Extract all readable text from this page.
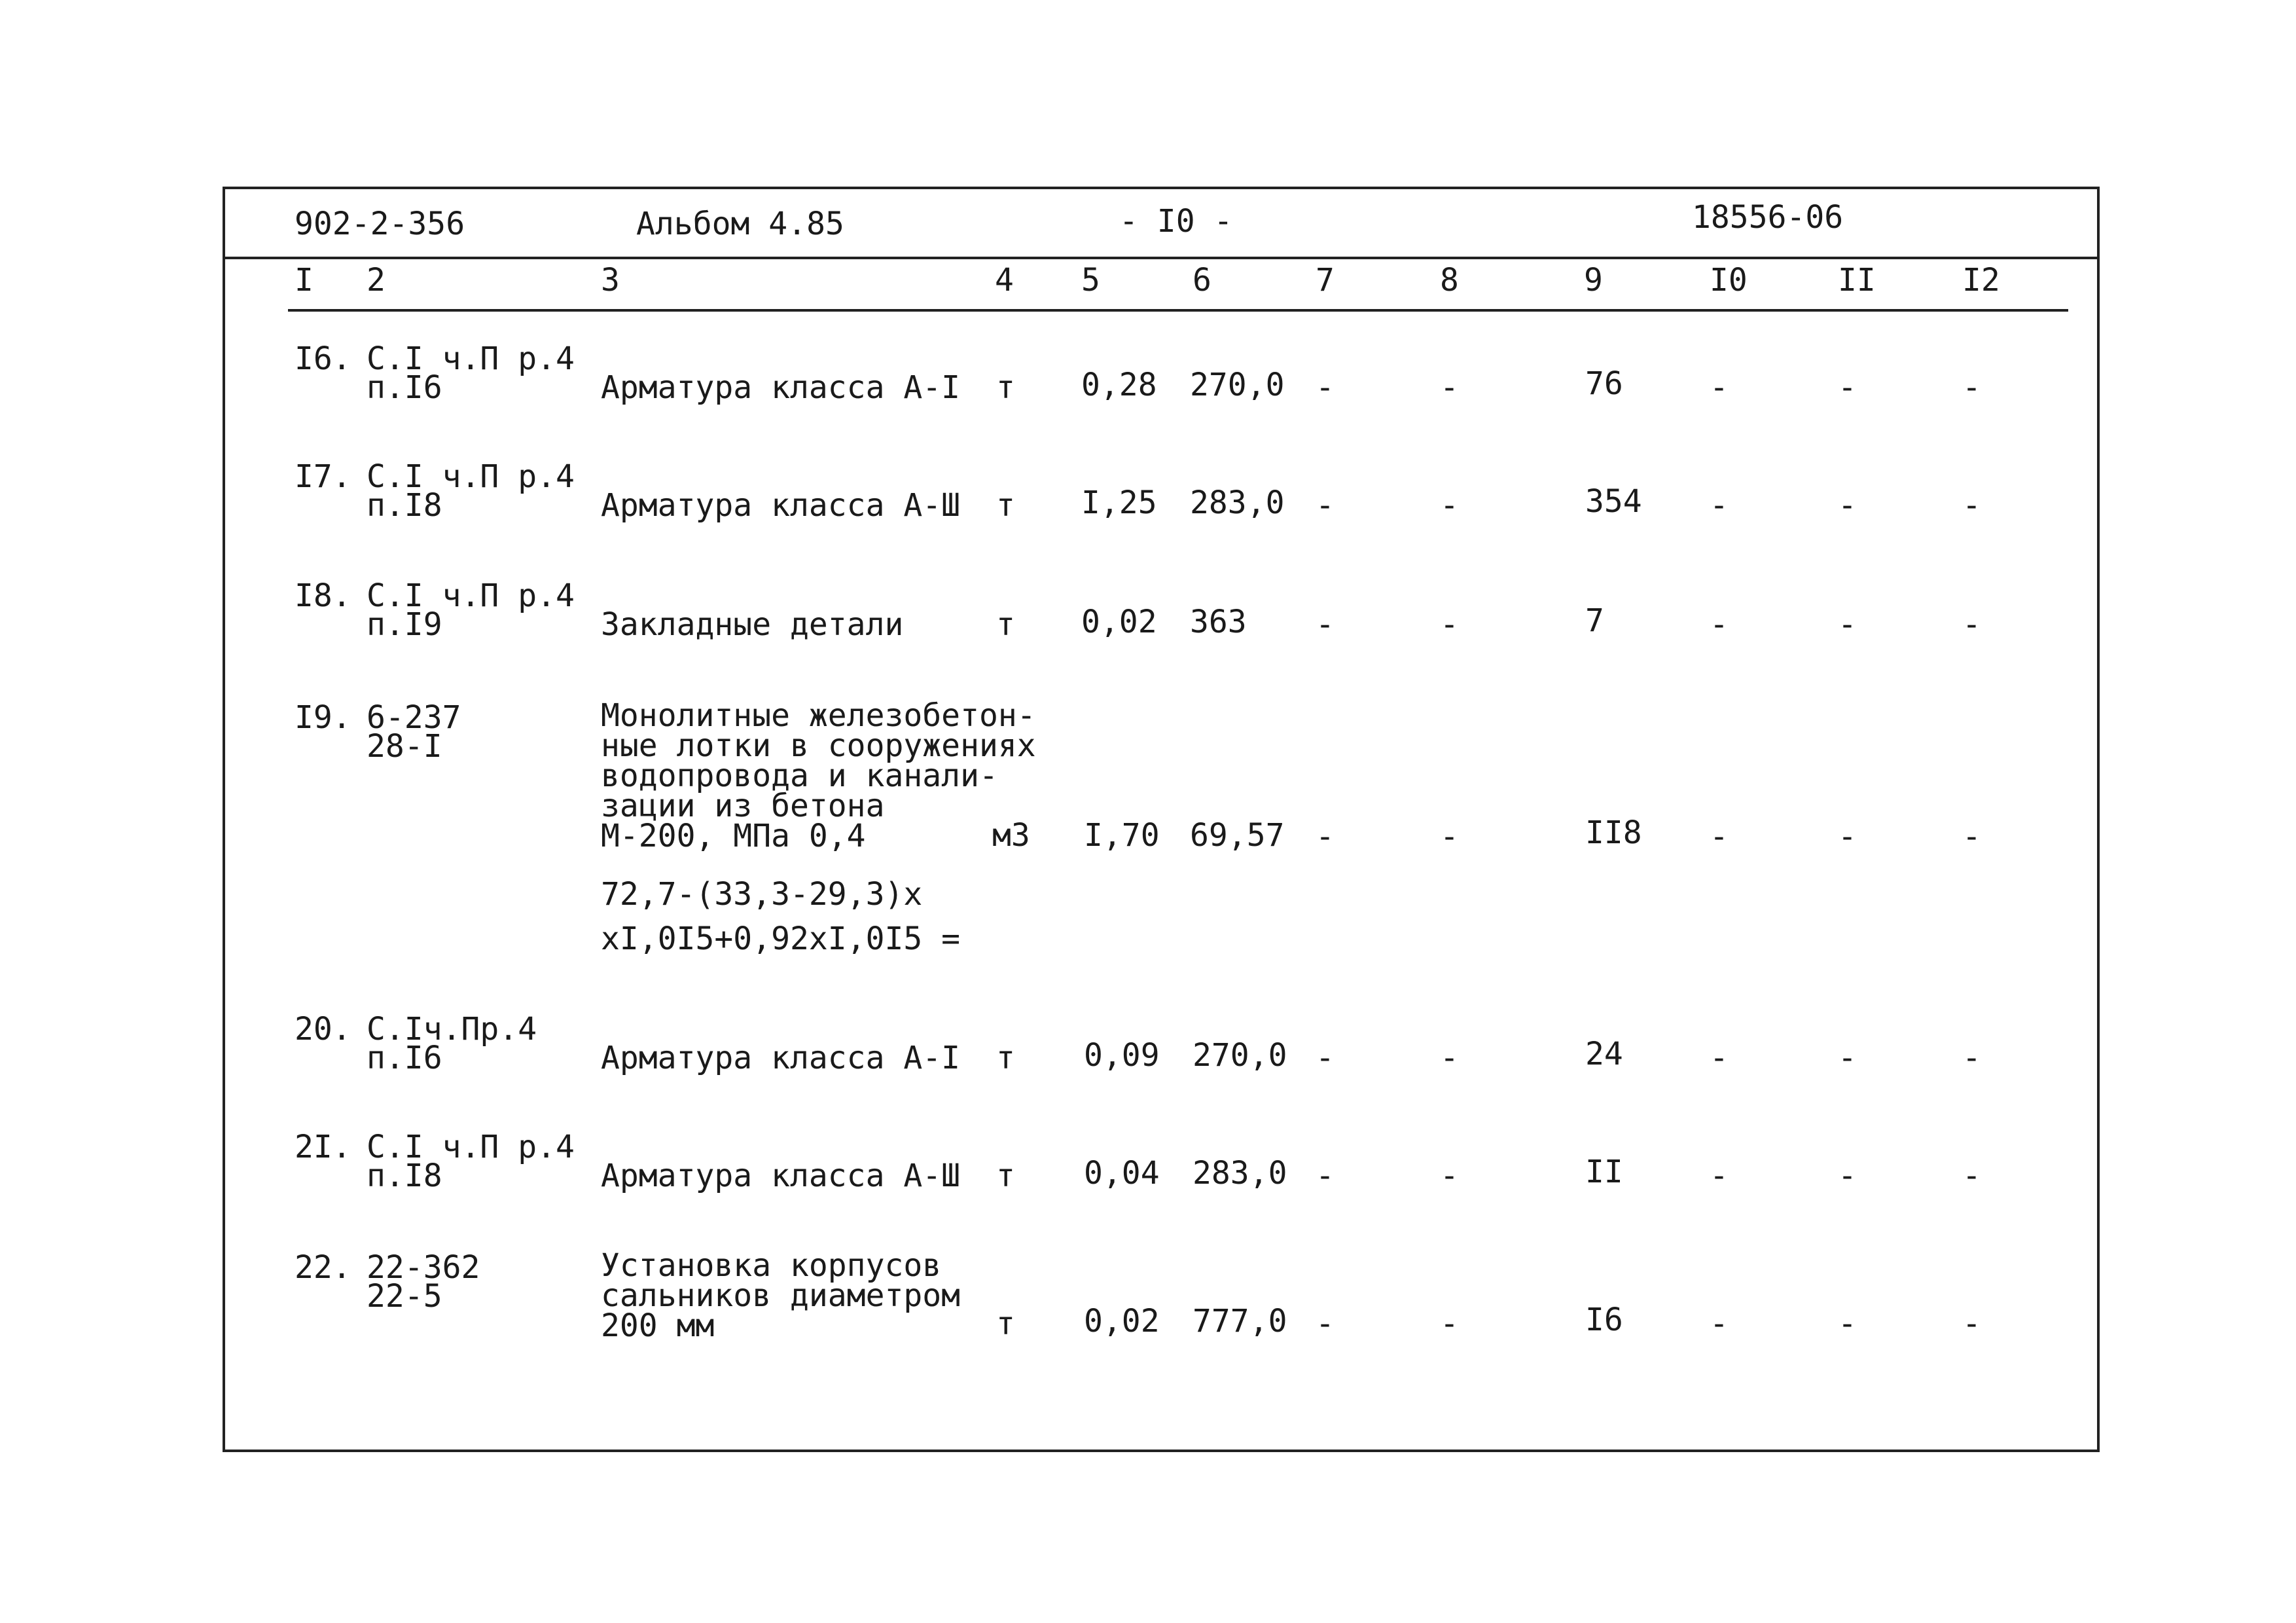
902-2-356	Альбом 4.85	- I0 -	18556-06
I 2	3	4 5	6	7	8	9	I0	II	I2
I6. С.I ч.П р.4
п.I6	Арматура класса А-I т 0,28 270,0 -	-	76	-	-	-
I7. С.I ч.П р.4
п.I8	Арматура класса А-Ш т I,25 283,0 -	-	354 -	-	-
I8. С.I ч.П р.4
п.I9	Закладные детали	т 0,02 363 -	-	7	-	-	-
I9. 6-237
28-I
Монолитные железобетон-
ные лотки в сооружениях
водопровода и канали-
зации из бетона
М-200, МПа 0,4
72,7-(33,3-29,3)х
хI,0I5+0,92хI,0I5 =
м3 I,70 69,57 -	-	II8 -	-	-
20. С.Iч.Пр.4
п.I6	Арматура класса А-I т 0,09 270,0 -	-	24	-	-	-
2I. С.I ч.П р.4
п.I8	Арматура класса А-Ш т 0,04 283,0 -	-	II	-	-	-
22. 22-362
22-5
Установка корпусов
сальников диаметром
200 мм	т 0,02 777,0 -	-	I6	-	-	-
